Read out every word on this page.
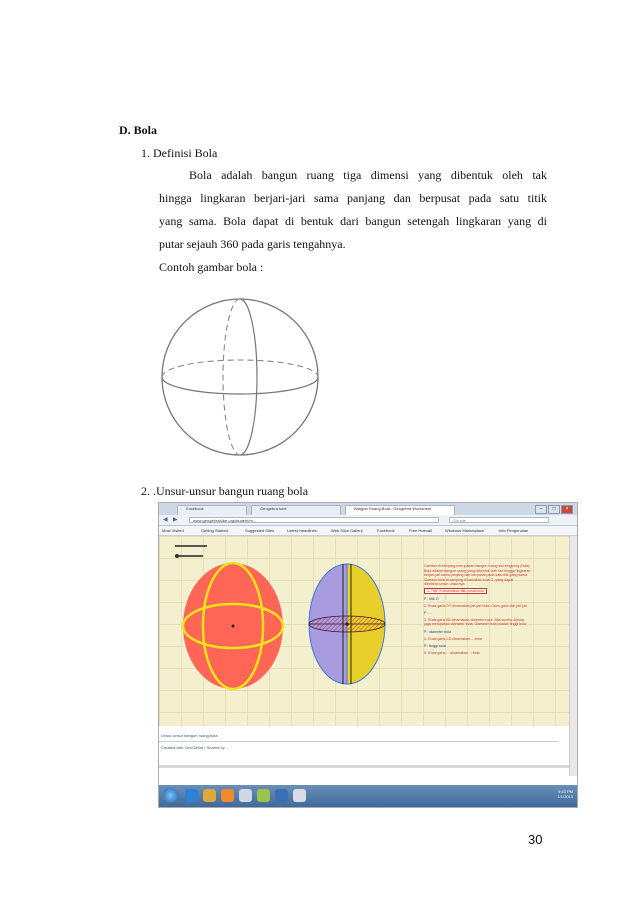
D. Bola
1. Definisi Bola
Bola adalah bangun ruang tiga dimensi yang dibentuk oleh tak
hingga lingkaran berjari-jari sama panjang dan berpusat pada satu titik
yang sama. Bola dapat di bentuk dari bangun setengah lingkaran yang di
putar sejauh 360 pada garis tengahnya.
Contoh gambar bola :
2. .Unsur-unsur bangun ruang bola
Facebook	Geogebra tube	Bangun Ruang Bola - Geogebra Worksheet	–	□	×
◀ ▶	www.geogebratube.org/student/m...	Google
Most Visited	Getting Started	Suggested Sites	Latest Headlines	Web Slice Gallery	Facebook	Free Hotmail	Windows Marketplace	Info Pengenalan
Gambar di samping merupakan bangun ruang sisi lengkung (bola).
Bola adalah bangun ruang yang dibentuk oleh tak hingga lingkaran
berjari-jari sama panjang dan berpusat pada satu titik yang sama.
Gambar bola di samping dinamakan bola O, yang dapat
diketahui unsur-unsurnya:
1. Titik O dinamakan titik pusat bola
P : titik O
2. Ruas garis OT dinamakan jari-jari bola. Garis-garis lain jari-jari
P : ...
3. Ruas garis AB dinamakan diameter bola. Jika sumbu diputar,
juga merupakan diameter bola. Diameter bola adalah tinggi bola
P : diameter bola
4. Ruas garis CD dinamakan ... bola
P : tinggi bola
5. Ruas garis ... dinamakan ... bola
Unsur-unsur bangun ruang bola
Created with GeoGebra | Shared by ...
9:43 PM
1/1/2013
30
